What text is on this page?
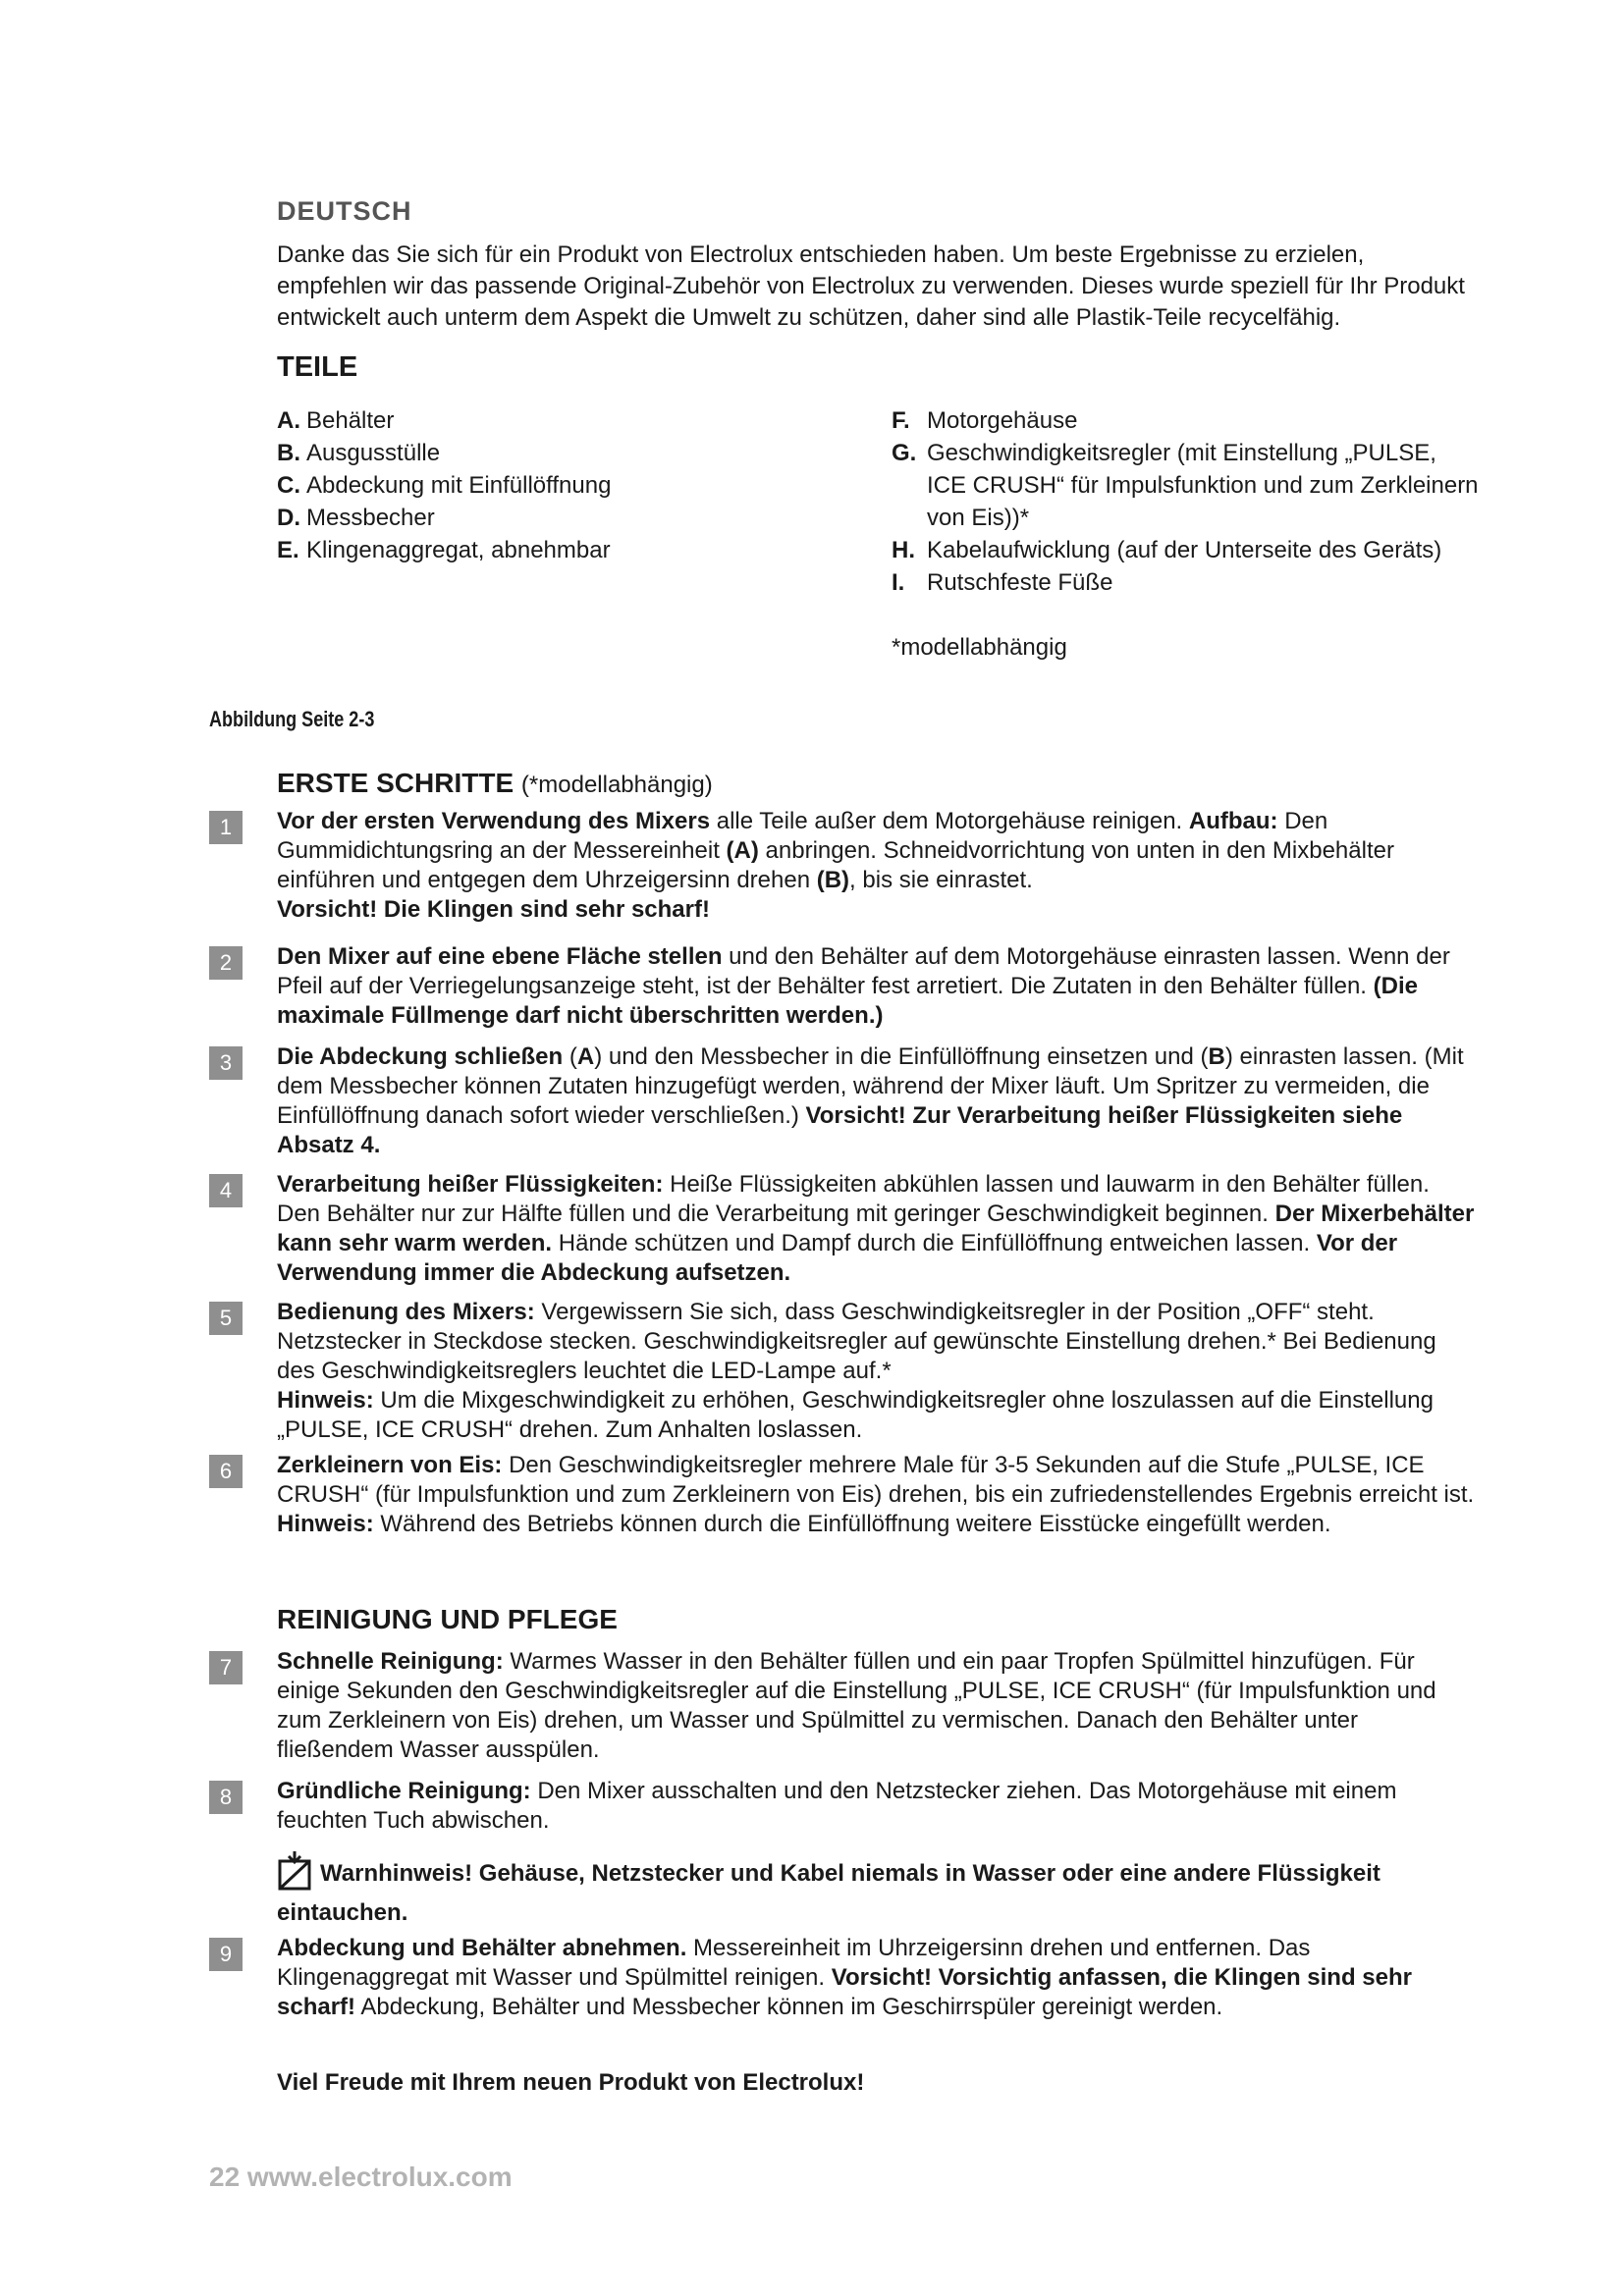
DEUTSCH

Danke das Sie sich für ein Produkt von Electrolux entschieden haben. Um beste Ergebnisse zu erzielen, empfehlen wir das passende Original-Zubehör von Electrolux zu verwenden. Dieses wurde speziell für Ihr Produkt entwickelt auch unterm dem Aspekt die Umwelt zu schützen, daher sind alle Plastik-Teile recycelfähig.

TEILE
A. Behälter
B. Ausgusstülle
C. Abdeckung mit Einfüllöffnung
D. Messbecher
E. Klingenaggregat, abnehmbar
F. Motorgehäuse
G. Geschwindigkeitsregler (mit Einstellung „PULSE, ICE CRUSH“ für Impulsfunktion und zum Zerkleinern von Eis))*
H. Kabelaufwicklung (auf der Unterseite des Geräts)
I. Rutschfeste Füße

*modellabhängig

Abbildung Seite 2-3

ERSTE SCHRITTE (*modellabhängig)
1	Vor der ersten Verwendung des Mixers alle Teile außer dem Motorgehäuse reinigen. Aufbau: Den Gummidichtungsring an der Messereinheit (A) anbringen. Schneidvorrichtung von unten in den Mixbehälter einführen und entgegen dem Uhrzeigersinn drehen (B), bis sie einrastet.

Vorsicht! Die Klingen sind sehr scharf!

2	Den Mixer auf eine ebene Fläche stellen und den Behälter auf dem Motorgehäuse einrasten lassen. Wenn der Pfeil auf der Verriegelungsanzeige steht, ist der Behälter fest arretiert. Die Zutaten in den Behälter füllen. (Die maximale Füllmenge darf nicht überschritten werden.)

3	Die Abdeckung schließen (A) und den Messbecher in die Einfüllöffnung einsetzen und (B) einrasten lassen. (Mit dem Messbecher können Zutaten hinzugefügt werden, während der Mixer läuft. Um Spritzer zu vermeiden, die Einfüllöffnung danach sofort wieder verschließen.) Vorsicht! Zur Verarbeitung heißer Flüssigkeiten siehe Absatz 4.

4	Verarbeitung heißer Flüssigkeiten: Heiße Flüssigkeiten abkühlen lassen und lauwarm in den Behälter füllen. Den Behälter nur zur Hälfte füllen und die Verarbeitung mit geringer Geschwindigkeit beginnen. Der Mixerbehälter kann sehr warm werden. Hände schützen und Dampf durch die Einfüllöffnung entweichen lassen. Vor der Verwendung immer die Abdeckung aufsetzen.

5	Bedienung des Mixers: Vergewissern Sie sich, dass Geschwindigkeitsregler in der Position „OFF“ steht. Netzstecker in Steckdose stecken. Geschwindigkeitsregler auf gewünschte Einstellung drehen.* Bei Bedienung des Geschwindigkeitsreglers leuchtet die LED-Lampe auf.*

Hinweis: Um die Mixgeschwindigkeit zu erhöhen, Geschwindigkeitsregler ohne loszulassen auf die Einstellung „PULSE, ICE CRUSH“ drehen. Zum Anhalten loslassen.

6	Zerkleinern von Eis: Den Geschwindigkeitsregler mehrere Male für 3-5 Sekunden auf die Stufe „PULSE, ICE CRUSH“ (für Impulsfunktion und zum Zerkleinern von Eis) drehen, bis ein zufriedenstellendes Ergebnis erreicht ist.

Hinweis: Während des Betriebs können durch die Einfüllöffnung weitere Eisstücke eingefüllt werden.

REINIGUNG UND PFLEGE
7	Schnelle Reinigung: Warmes Wasser in den Behälter füllen und ein paar Tropfen Spülmittel hinzufügen. Für einige Sekunden den Geschwindigkeitsregler auf die Einstellung „PULSE, ICE CRUSH“ (für Impulsfunktion und zum Zerkleinern von Eis) drehen, um Wasser und Spülmittel zu vermischen. Danach den Behälter unter fließendem Wasser ausspülen.

8	Gründliche Reinigung: Den Mixer ausschalten und den Netzstecker ziehen. Das Motorgehäuse mit einem feuchten Tuch abwischen.

Warnhinweis! Gehäuse, Netzstecker und Kabel niemals in Wasser oder eine andere Flüssigkeit eintauchen.
9	Abdeckung und Behälter abnehmen. Messereinheit im Uhrzeigersinn drehen und entfernen. Das Klingenaggregat mit Wasser und Spülmittel reinigen. Vorsicht! Vorsichtig anfassen, die Klingen sind sehr scharf! Abdeckung, Behälter und Messbecher können im Geschirrspüler gereinigt werden.

Viel Freude mit Ihrem neuen Produkt von Electrolux!

22 www.electrolux.com
